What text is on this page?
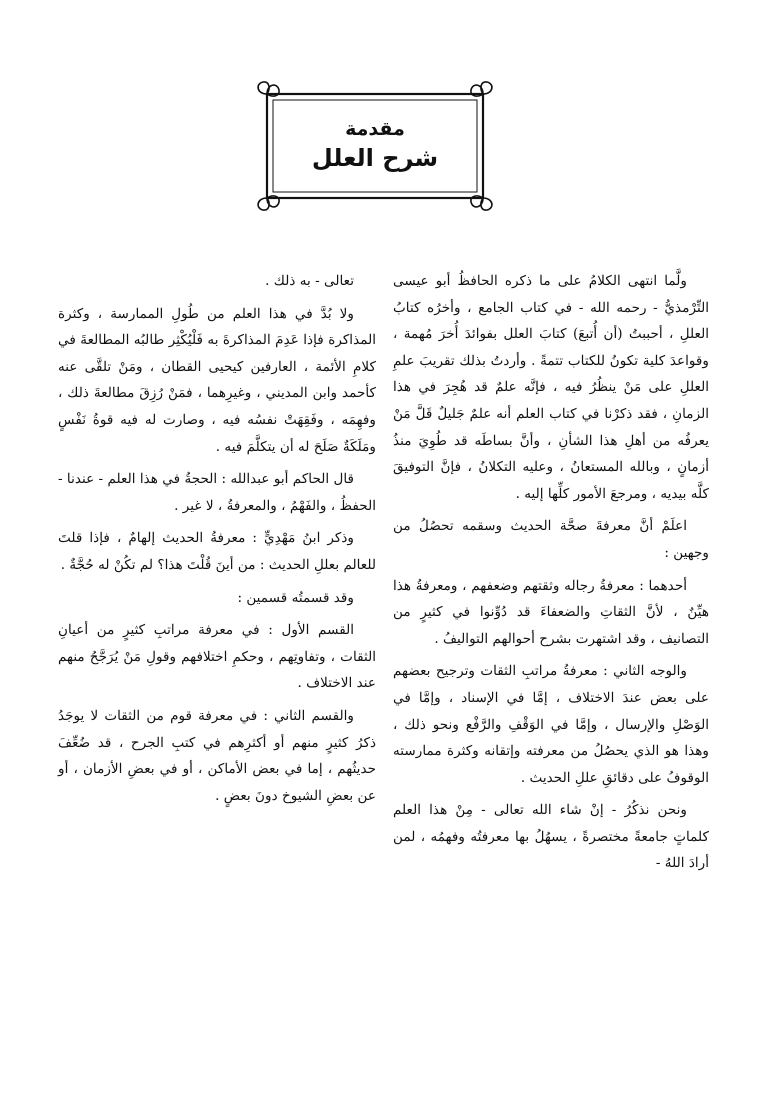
مقدمة
شرح العلل

ولَّما انتهى الكلامُ على ما ذكره الحافظُ أبو عيسى التِّرْمذيُّ - رحمه الله - في كتاب الجامع ، وأخرُه كتابُ العللِ ، أحببتُ (أن أُتبعَ) كتابَ العلل بفوائدَ أُخرَ مُهمة ، وقواعدَ كلية تكونُ للكتاب تتمةً . وأردتُ بذلك تقريبَ علمِ العللِ على مَنْ ينظُرُ فيه ، فإنَّه علمٌ قد هُجِرَ في هذا الزمانِ ، فقد ذكرْنا في كتاب العلم أنه علمٌ جَليلٌ قَلَّ مَنْ يعرفُه من أهلِ هذا الشأنِ ، وأنَّ بساطَه قد طُوِيَ منذُ أزمانٍ ، وبالله المستعانُ ، وعليه التكلانُ ، فإنَّ التوفيقَ كلَّه بيديه ، ومرجعَ الأمور كلِّها إليه .

اعلَمْ أنَّ معرفةَ صحَّة الحديث وسقمه تحصُلُ من وجهين :

أحدهما : معرفةُ رجاله وثقتهم وضعفهم ، ومعرفةُ هذا هيِّنٌ ، لأنَّ الثقاتِ والضعفاءَ قد دُوِّنوا في كثيرٍ من التصانيف ، وقد اشتهرت بشرح أحوالهم التواليفُ .

والوجه الثاني : معرفةُ مراتبِ الثقات وترجيح بعضهم على بعض عندَ الاختلاف ، إمَّا في الإسناد ، وإمَّا في الوَصْلِ والإرسال ، وإمَّا في الوَقْفِ والرَّفْع ونحو ذلك ، وهذا هو الذي يحصُلُ من معرفته وإتقانه وكثرة ممارسته الوقوفُ على دقائقِ عللِ الحديث .

ونحن نذكُرُ - إنْ شاء الله تعالى - مِنْ هذا العلم كلماتٍ جامعةً مختصرةً ، يسهُلُ بها معرفتُه وفهمُه ، لمن أرادَ اللهُ -

تعالى - به ذلك .

ولا بُدَّ في هذا العلم من طُولِ الممارسة ، وكثرة المذاكرة فإذا عَدِمَ المذاكرةَ به فَلْيُكْثِر طالبُه المطالعةَ في كلامِ الأئمة ، العارفين كيحيى القطان ، ومَنْ تلقَّى عنه كأحمد وابن المديني ، وغيرِهما ، فمَنْ رُزِقَ مطالعةَ ذلك ، وفهِمَه ، وفَقِهَتْ نفسُه فيه ، وصارت له فيه قوةُ نَفْسٍ ومَلَكَةٌ صَلَحَ له أن يتكلَّمَ فيه .

قال الحاكم أبو عبدالله : الحجةُ في هذا العلم - عندنا - الحفظُ ، والفَهْمُ ، والمعرفةُ ، لا غير .

وذكر ابنُ مَهْدِيٍّ : معرفةُ الحديث إلهامٌ ، فإذا قلتَ للعالم بعللِ الحديث : من أينَ قُلْتَ هذا؟ لم تكُنْ له حُجَّةٌ .

وقد قسمتُه قسمين :

القسم الأول : في معرفة مراتبِ كثيرٍ من أعيانِ الثقات ، وتفاوتِهم ، وحكمِ اختلافهم وقولِ مَنْ يُرَجَّحُ منهم عند الاختلاف .

والقسم الثاني : في معرفة قوم من الثقات لا يوجَدُ ذكرُ كثيرٍ منهم أو أكثرِهم في كتبِ الجرح ، قد ضُعِّفَ حديثُهم ، إما في بعض الأماكن ، أو في بعضِ الأزمان ، أو عن بعضِ الشيوخ دونَ بعضٍ .
